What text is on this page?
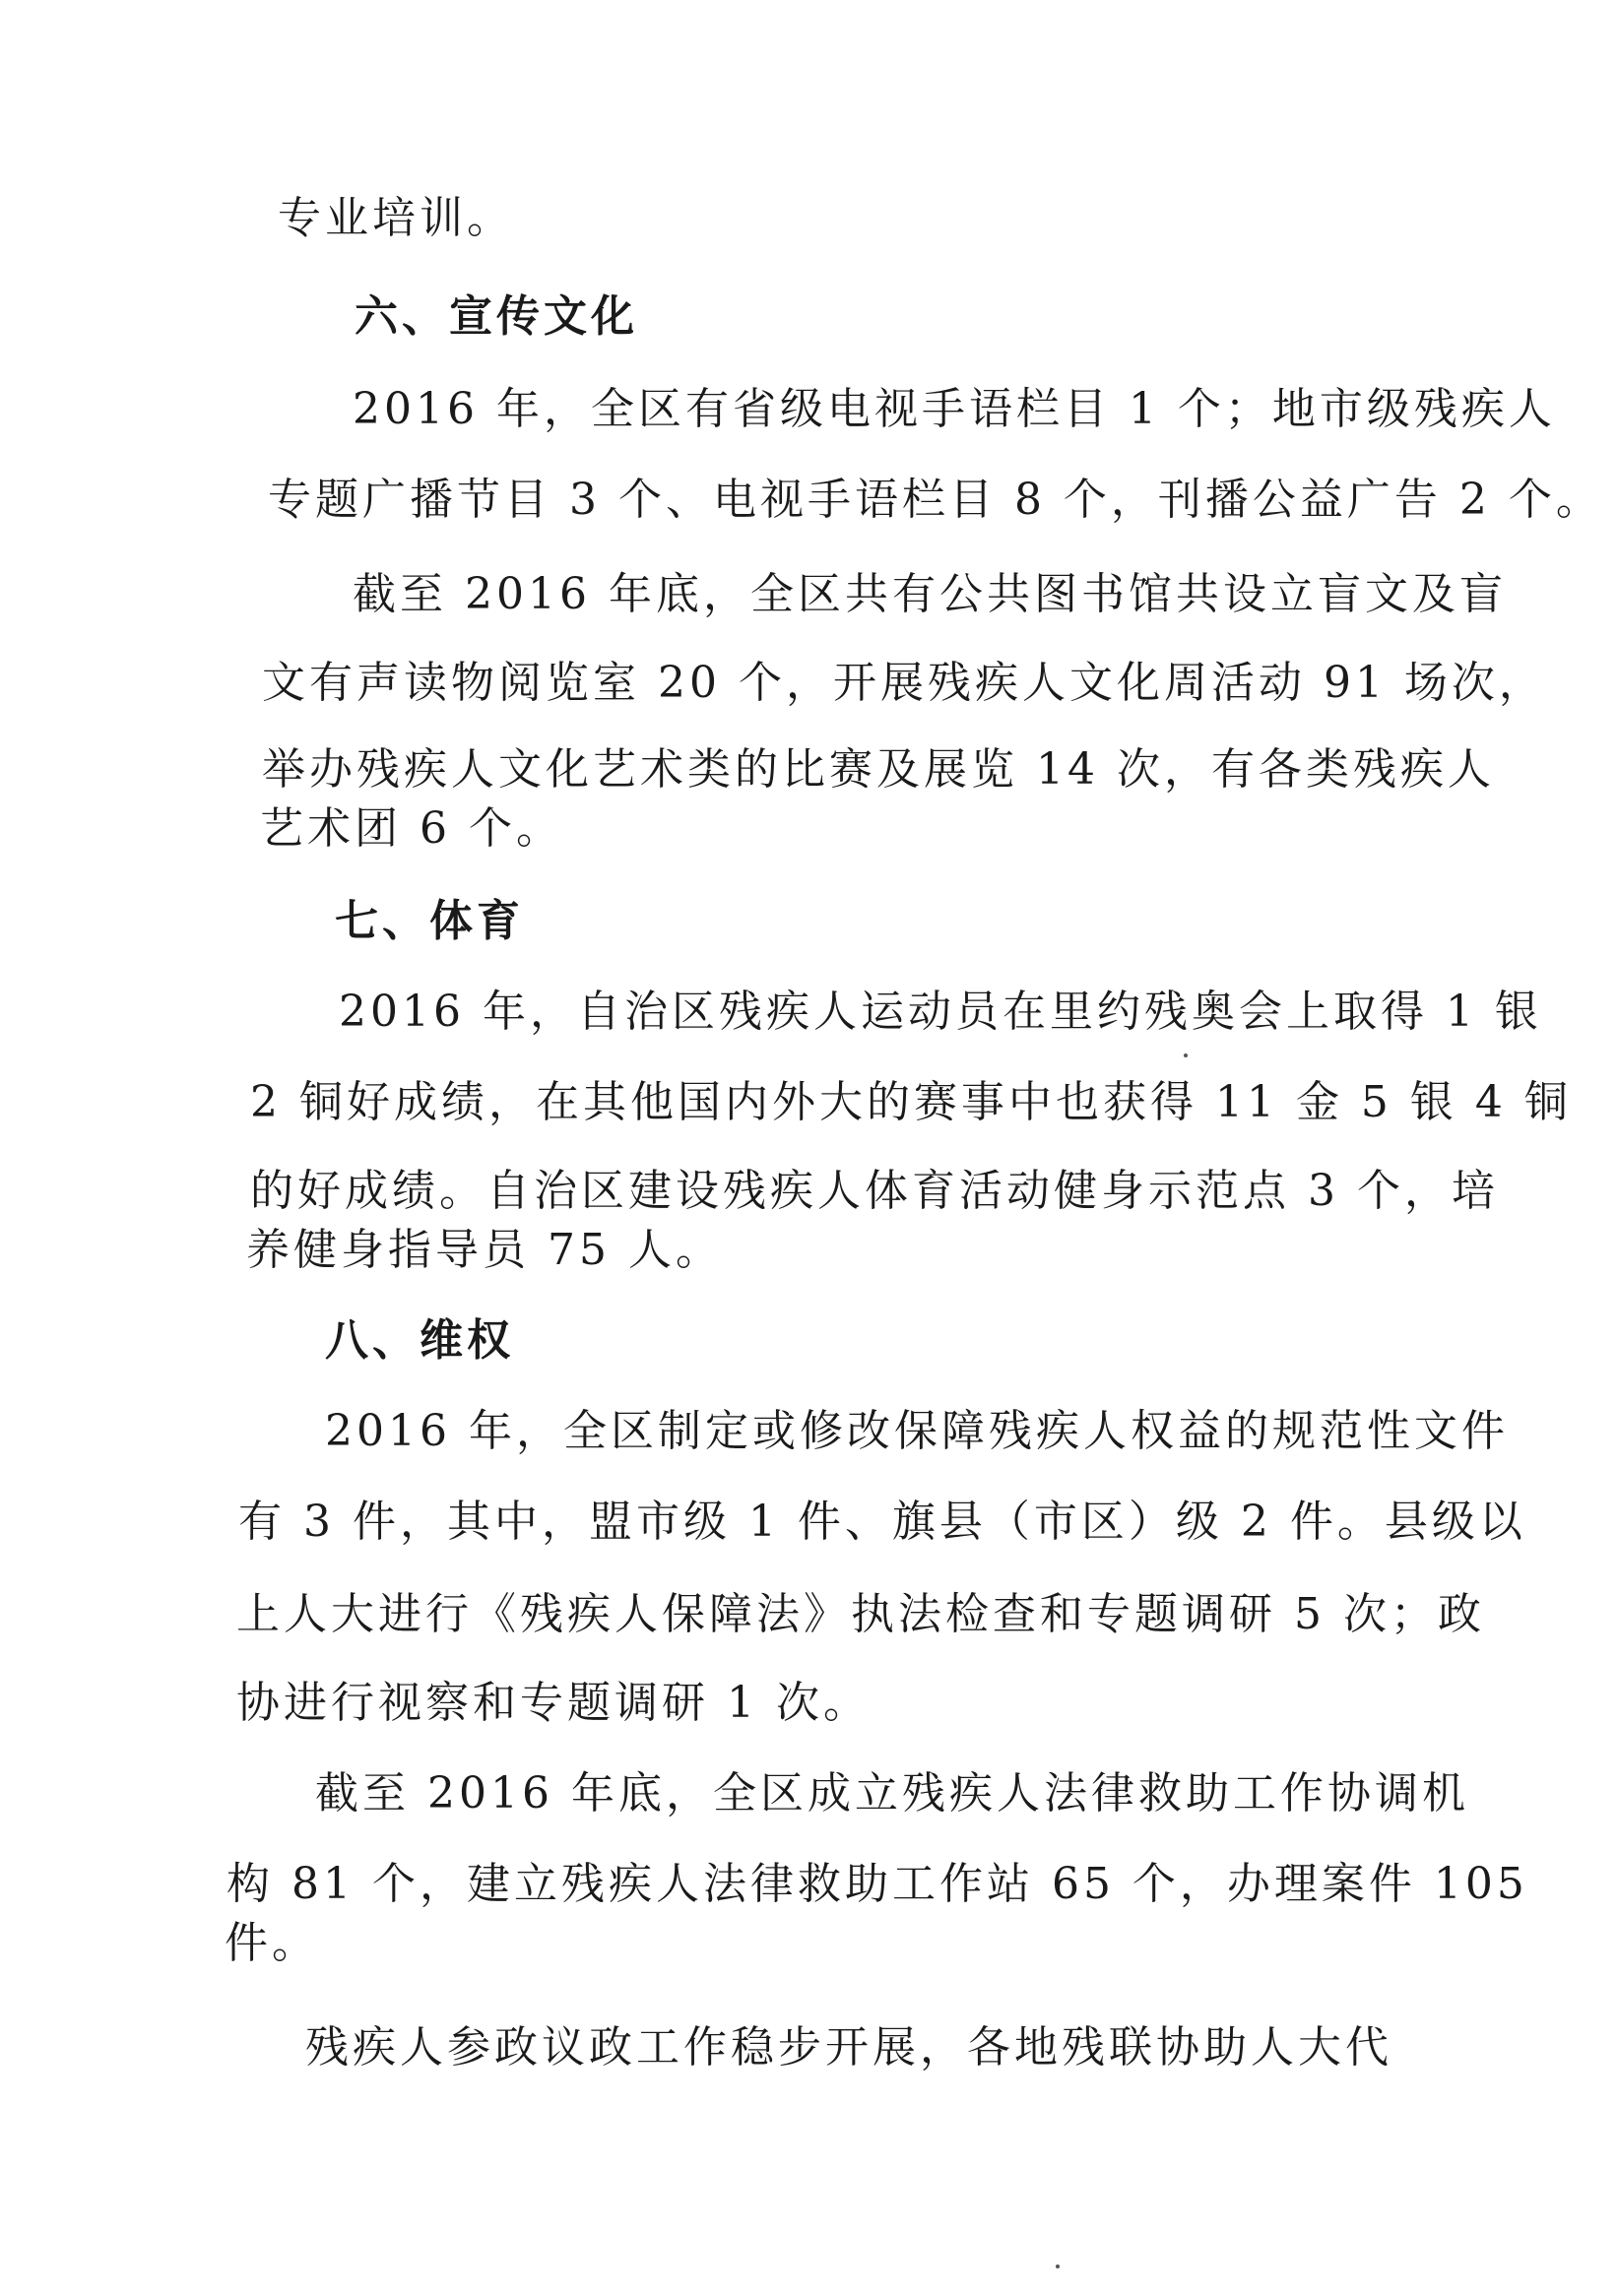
专业培训。
六、宣传文化
2016 年，全区有省级电视手语栏目 1 个；地市级残疾人
专题广播节目 3 个、电视手语栏目 8 个，刊播公益广告 2 个。
截至 2016 年底，全区共有公共图书馆共设立盲文及盲
文有声读物阅览室 20 个，开展残疾人文化周活动 91 场次，
举办残疾人文化艺术类的比赛及展览 14 次，有各类残疾人
艺术团 6 个。
七、体育
2016 年，自治区残疾人运动员在里约残奥会上取得 1 银
2 铜好成绩，在其他国内外大的赛事中也获得 11 金 5 银 4 铜
的好成绩。自治区建设残疾人体育活动健身示范点 3 个，培
养健身指导员 75 人。
八、维权
2016 年，全区制定或修改保障残疾人权益的规范性文件
有 3 件，其中，盟市级 1 件、旗县（市区）级 2 件。县级以
上人大进行《残疾人保障法》执法检查和专题调研 5 次；政
协进行视察和专题调研 1 次。
截至 2016 年底，全区成立残疾人法律救助工作协调机
构 81 个，建立残疾人法律救助工作站 65 个，办理案件 105
件。
残疾人参政议政工作稳步开展，各地残联协助人大代
